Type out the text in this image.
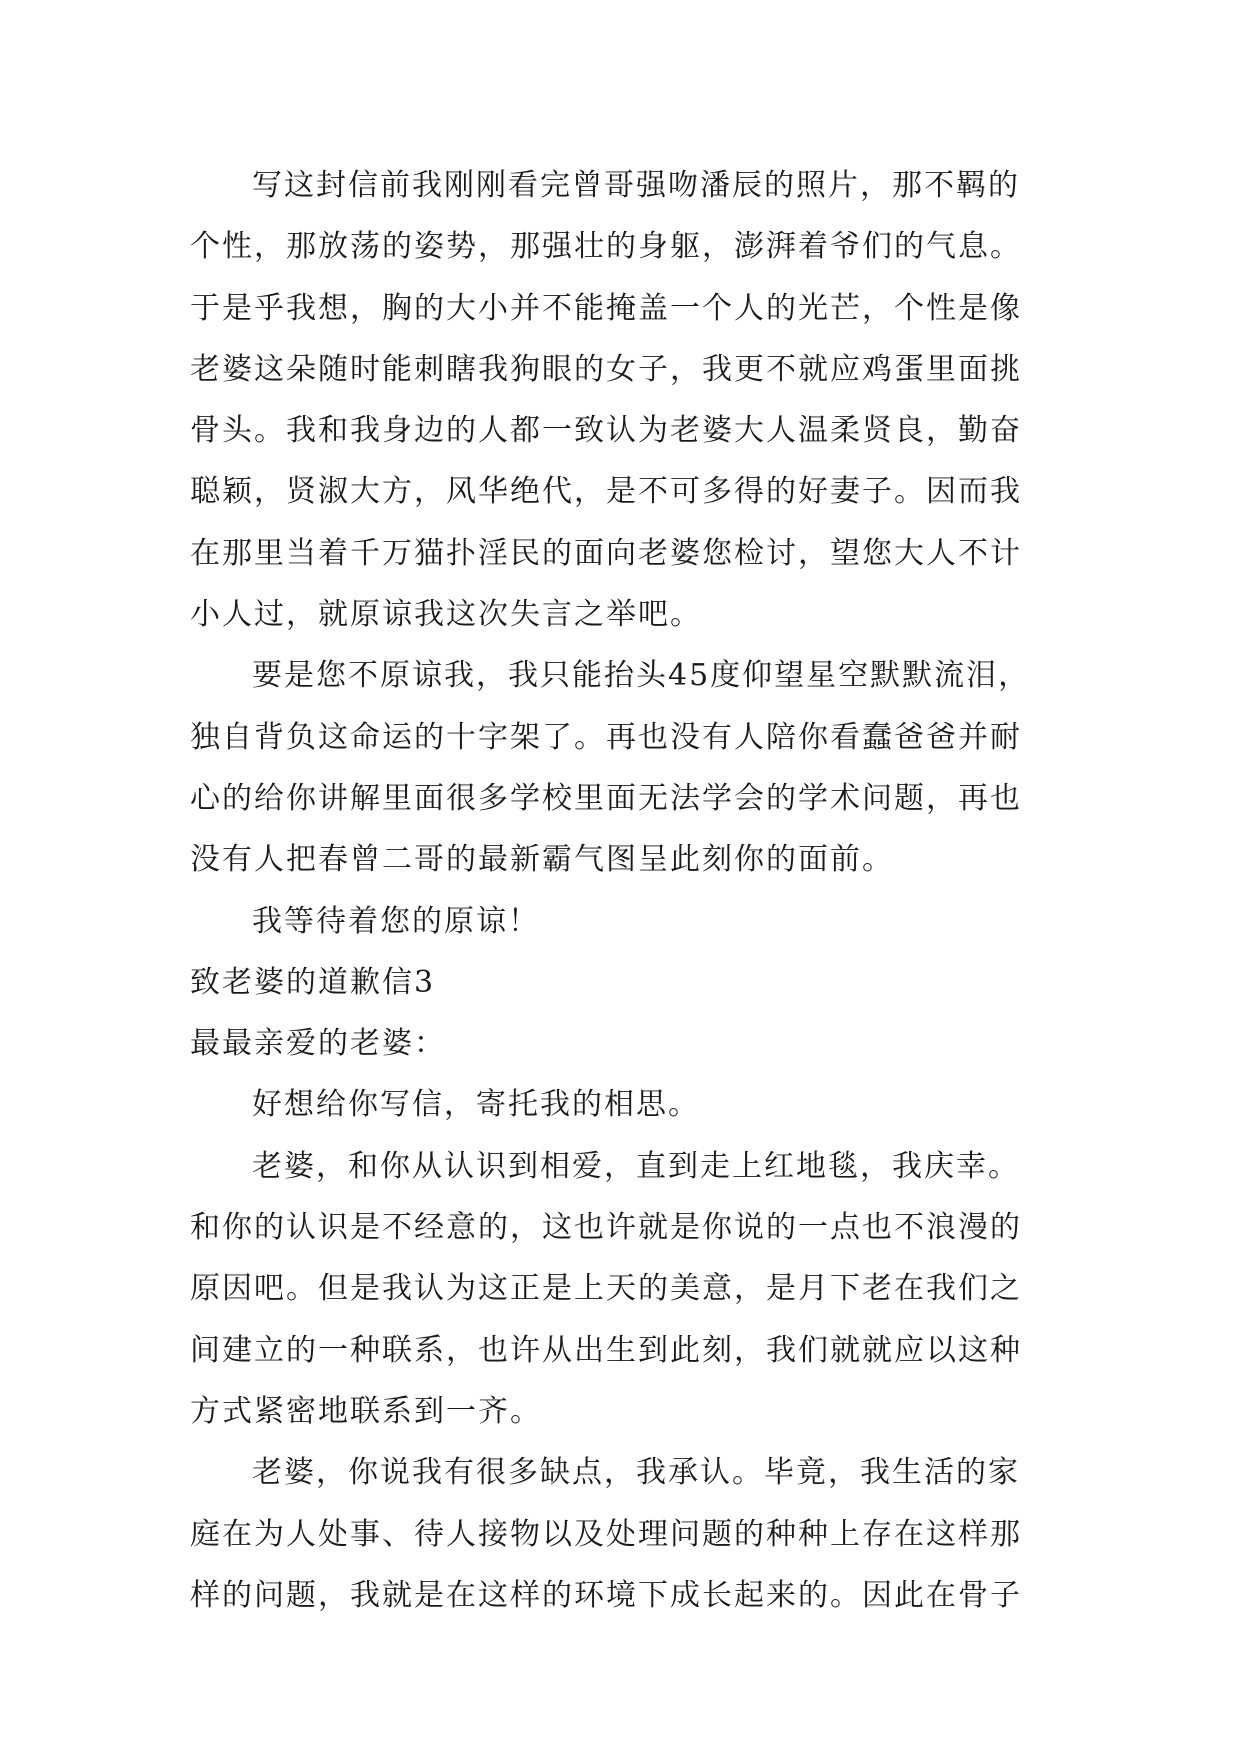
写这封信前我刚刚看完曾哥强吻潘辰的照片，那不羁的
个性，那放荡的姿势，那强壮的身躯，澎湃着爷们的气息。
于是乎我想，胸的大小并不能掩盖一个人的光芒，个性是像
老婆这朵随时能刺瞎我狗眼的女子，我更不就应鸡蛋里面挑
骨头。我和我身边的人都一致认为老婆大人温柔贤良，勤奋
聪颖，贤淑大方，风华绝代，是不可多得的好妻子。因而我
在那里当着千万猫扑淫民的面向老婆您检讨，望您大人不计
小人过，就原谅我这次失言之举吧。
要是您不原谅我，我只能抬头45度仰望星空默默流泪，
独自背负这命运的十字架了。再也没有人陪你看蠢爸爸并耐
心的给你讲解里面很多学校里面无法学会的学术问题，再也
没有人把春曾二哥的最新霸气图呈此刻你的面前。
我等待着您的原谅！
致老婆的道歉信3
最最亲爱的老婆：
好想给你写信，寄托我的相思。
老婆，和你从认识到相爱，直到走上红地毯，我庆幸。
和你的认识是不经意的，这也许就是你说的一点也不浪漫的
原因吧。但是我认为这正是上天的美意，是月下老在我们之
间建立的一种联系，也许从出生到此刻，我们就就应以这种
方式紧密地联系到一齐。
老婆，你说我有很多缺点，我承认。毕竟，我生活的家
庭在为人处事、待人接物以及处理问题的种种上存在这样那
样的问题，我就是在这样的环境下成长起来的。因此在骨子
